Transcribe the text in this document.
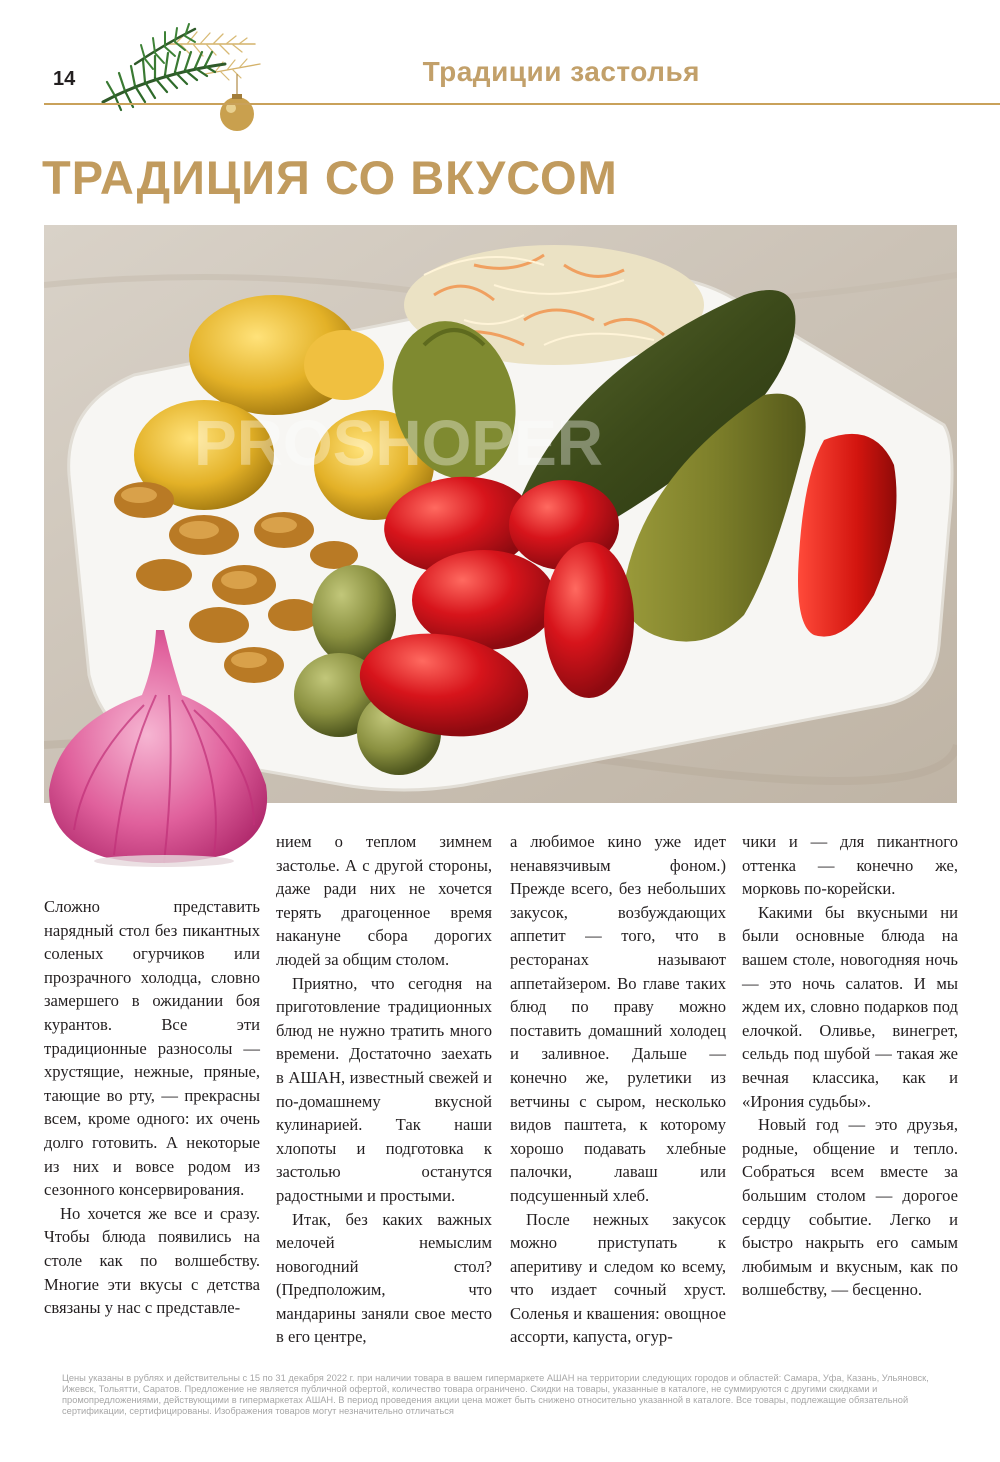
14	Традиции застолья
ТРАДИЦИЯ СО ВКУСОМ
PROSHOPER

Сложно представить нарядный стол без пикантных соленых огурчиков или прозрачного холодца, словно замершего в ожидании боя курантов. Все эти традиционные разносолы — хрустящие, нежные, пряные, тающие во рту, — прекрасны всем, кроме одного: их очень долго готовить. А некоторые из них и вовсе родом из сезонного консервирования.

Но хочется же все и сразу. Чтобы блюда появились на столе как по волшебству. Многие эти вкусы с детства связаны у нас с представле-

нием о теплом зимнем застолье. А с другой стороны, даже ради них не хочется терять драгоценное время накануне сбора дорогих людей за общим столом.

Приятно, что сегодня на приготовление традиционных блюд не нужно тратить много времени. Достаточно заехать в АШАН, известный свежей и по-домашнему вкусной кулинарией. Так наши хлопоты и подготовка к застолью останутся радостными и простыми.

Итак, без каких важных мелочей немыслим новогодний стол? (Предположим, что мандарины заняли свое место в его центре,

а любимое кино уже идет ненавязчивым фоном.) Прежде всего, без небольших закусок, возбуждающих аппетит — того, что в ресторанах называют аппетайзером. Во главе таких блюд по праву можно поставить домашний холодец и заливное. Дальше — конечно же, рулетики из ветчины с сыром, несколько видов паштета, к которому хорошо подавать хлебные палочки, лаваш или подсушенный хлеб.

После нежных закусок можно приступать к аперитиву и следом ко всему, что издает сочный хруст. Соленья и квашения: овощное ассорти, капуста, огур-

чики и — для пикантного оттенка — конечно же, морковь по-корейски.

Какими бы вкусными ни были основные блюда на вашем столе, новогодняя ночь — это ночь салатов. И мы ждем их, словно подарков под елочкой. Оливье, винегрет, сельдь под шубой — такая же вечная классика, как и «Ирония судьбы».

Новый год — это друзья, родные, общение и тепло. Собраться всем вместе за большим столом — дорогое сердцу событие. Легко и быстро накрыть его самым любимым и вкусным, как по волшебству, — бесценно.

Цены указаны в рублях и действительны с 15 по 31 декабря 2022 г. при наличии товара в вашем гипермаркете АШАН на территории следующих городов и областей: Самара, Уфа, Казань, Ульяновск, Ижевск, Тольятти, Саратов. Предложение не является публичной офертой, количество товара ограничено. Скидки на товары, указанные в каталоге, не суммируются с другими скидками и промопредложениями, действующими в гипермаркетах АШАН. В период проведения акции цена может быть снижено относительно указанной в каталоге. Все товары, подлежащие обязательной сертификации, сертифицированы. Изображения товаров могут незначительно отличаться
